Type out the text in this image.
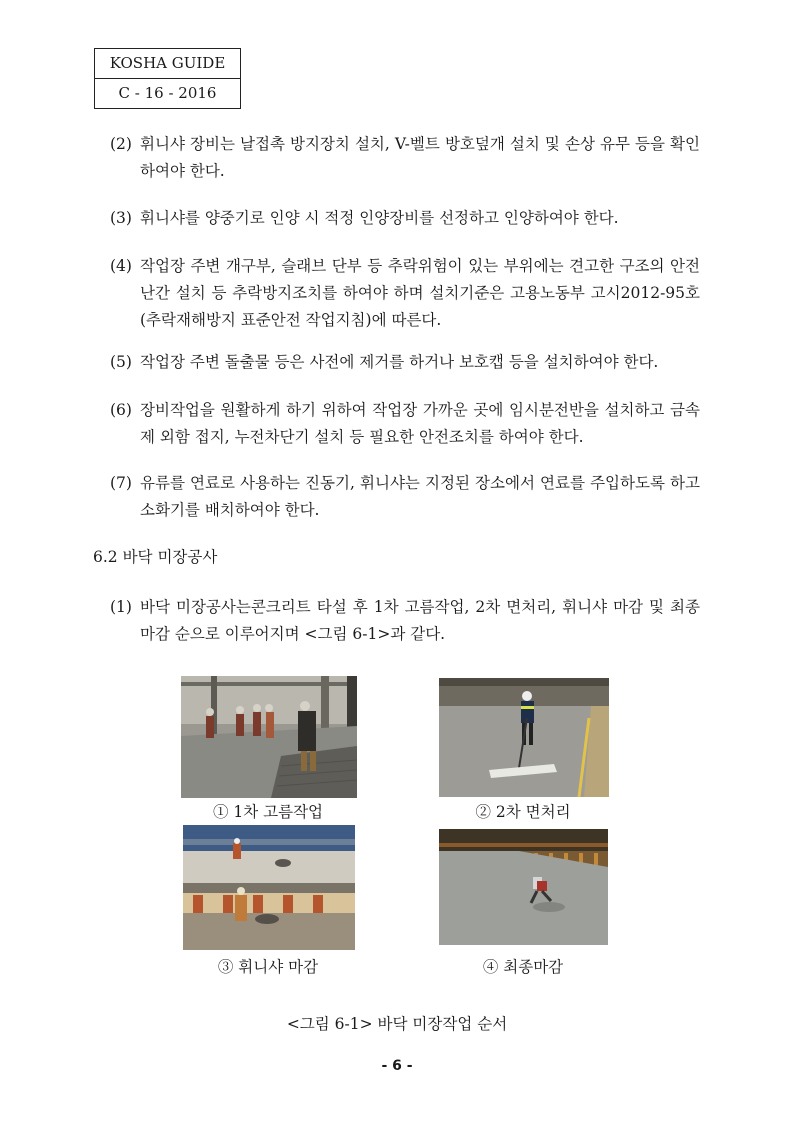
KOSHA GUIDE
C - 16 - 2016
(2) 휘니샤 장비는 날접촉 방지장치 설치, V-벨트 방호덮개 설치 및 손상 유무 등을 확인하여야 한다.
(3) 휘니샤를 양중기로 인양 시 적정 인양장비를 선정하고 인양하여야 한다.
(4) 작업장 주변 개구부, 슬래브 단부 등 추락위험이 있는 부위에는 견고한 구조의 안전난간 설치 등 추락방지조치를 하여야 하며 설치기준은 고용노동부 고시2012-95호(추락재해방지 표준안전 작업지침)에 따른다.
(5) 작업장 주변 돌출물 등은 사전에 제거를 하거나 보호캡 등을 설치하여야 한다.
(6) 장비작업을 원활하게 하기 위하여 작업장 가까운 곳에 임시분전반을 설치하고 금속제 외함 접지, 누전차단기 설치 등 필요한 안전조치를 하여야 한다.
(7) 유류를 연료로 사용하는 진동기, 휘니샤는 지정된 장소에서 연료를 주입하도록 하고 소화기를 배치하여야 한다.
6.2 바닥 미장공사
(1) 바닥 미장공사는콘크리트 타설 후 1차 고름작업, 2차 면처리, 휘니샤 마감 및 최종마감 순으로 이루어지며 <그림 6-1>과 같다.
① 1차 고름작업	② 2차 면처리
③ 휘니샤 마감	④ 최종마감
<그림 6-1> 바닥 미장작업 순서
- 6 -
